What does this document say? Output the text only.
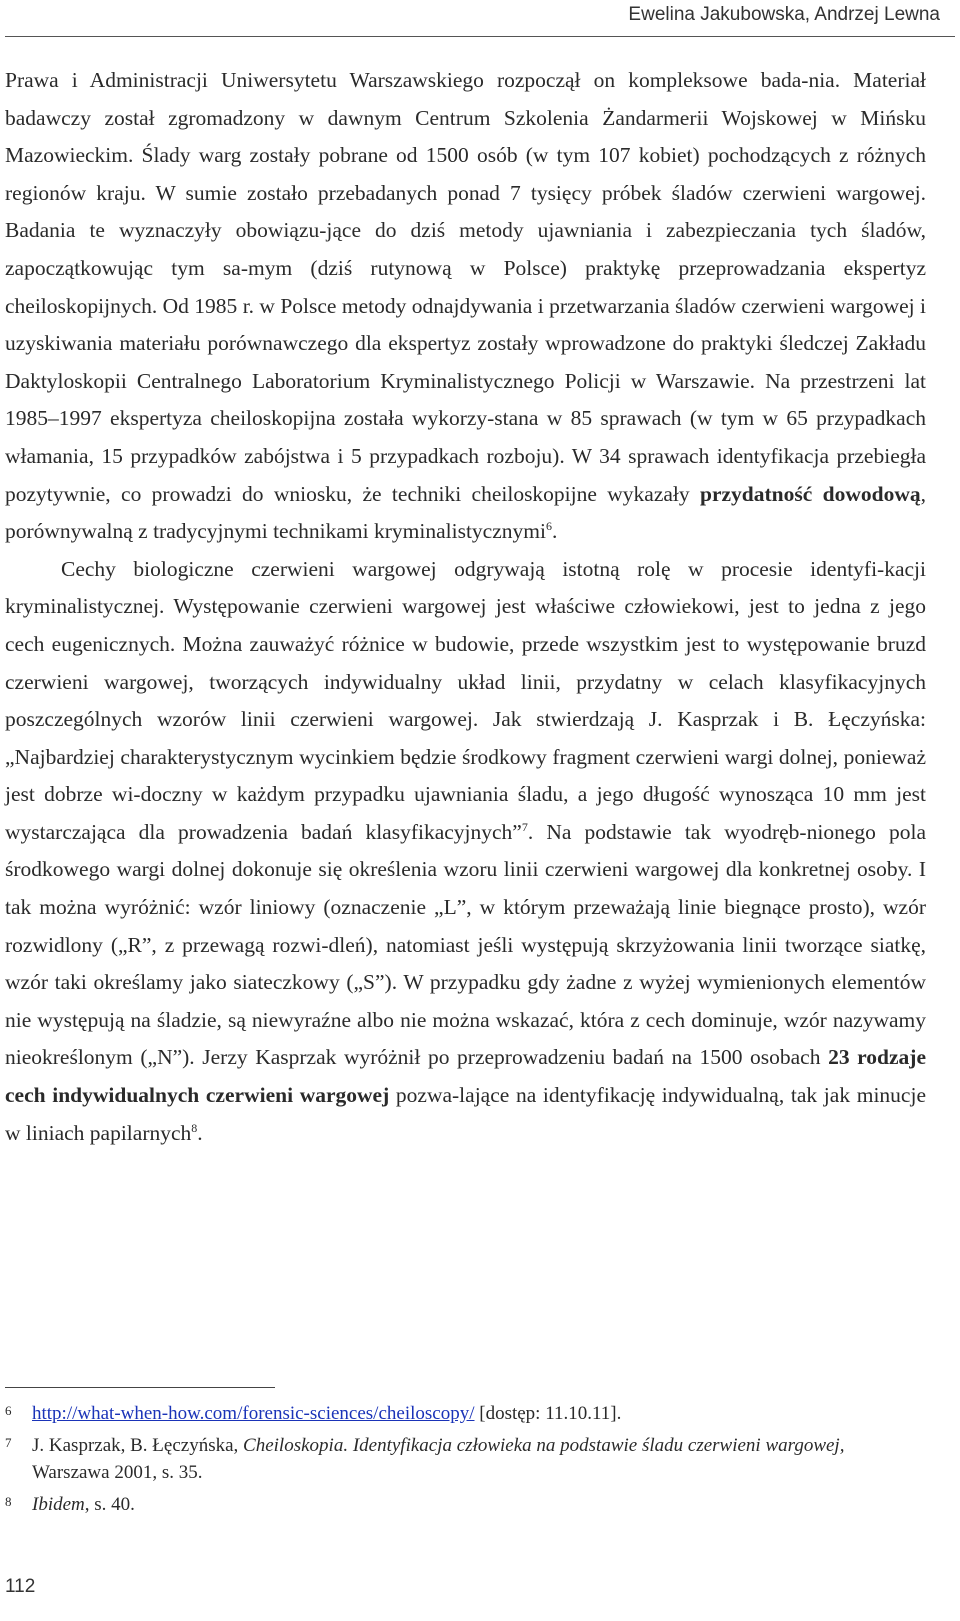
Ewelina Jakubowska, Andrzej Lewna

Prawa i Administracji Uniwersytetu Warszawskiego rozpoczął on kompleksowe bada-nia. Materiał badawczy został zgromadzony w dawnym Centrum Szkolenia Żandarmerii Wojskowej w Mińsku Mazowieckim. Ślady warg zostały pobrane od 1500 osób (w tym 107 kobiet) pochodzących z różnych regionów kraju. W sumie zostało przebadanych ponad 7 tysięcy próbek śladów czerwieni wargowej. Badania te wyznaczyły obowiązu-jące do dziś metody ujawniania i zabezpieczania tych śladów, zapoczątkowując tym sa-mym (dziś rutynową w Polsce) praktykę przeprowadzania ekspertyz cheiloskopijnych. Od 1985 r. w Polsce metody odnajdywania i przetwarzania śladów czerwieni wargowej i uzyskiwania materiału porównawczego dla ekspertyz zostały wprowadzone do praktyki śledczej Zakładu Daktyloskopii Centralnego Laboratorium Kryminalistycznego Policji w Warszawie. Na przestrzeni lat 1985–1997 ekspertyza cheiloskopijna została wykorzy-stana w 85 sprawach (w tym w 65 przypadkach włamania, 15 przypadków zabójstwa i 5 przypadkach rozboju). W 34 sprawach identyfikacja przebiegła pozytywnie, co prowadzi do wniosku, że techniki cheiloskopijne wykazały przydatność dowodową, porównywalną z tradycyjnymi technikami kryminalistycznymi$^6$.

Cechy biologiczne czerwieni wargowej odgrywają istotną rolę w procesie identyfi-kacji kryminalistycznej. Występowanie czerwieni wargowej jest właściwe człowiekowi, jest to jedna z jego cech eugenicznych. Można zauważyć różnice w budowie, przede wszystkim jest to występowanie bruzd czerwieni wargowej, tworzących indywidualny układ linii, przydatny w celach klasyfikacyjnych poszczególnych wzorów linii czerwieni wargowej. Jak stwierdzają J. Kasprzak i B. Łęczyńska: „Najbardziej charakterystycznym wycinkiem będzie środkowy fragment czerwieni wargi dolnej, ponieważ jest dobrze wi-doczny w każdym przypadku ujawniania śladu, a jego długość wynosząca 10 mm jest wystarczająca dla prowadzenia badań klasyfikacyjnych”$^7$. Na podstawie tak wyodręb-nionego pola środkowego wargi dolnej dokonuje się określenia wzoru linii czerwieni wargowej dla konkretnej osoby. I tak można wyróżnić: wzór liniowy (oznaczenie „L”, w którym przeważają linie biegnące prosto), wzór rozwidlony („R”, z przewagą rozwi-dleń), natomiast jeśli występują skrzyżowania linii tworzące siatkę, wzór taki określamy jako siateczkowy („S”). W przypadku gdy żadne z wyżej wymienionych elementów nie występują na śladzie, są niewyraźne albo nie można wskazać, która z cech dominuje, wzór nazywamy nieokreślonym („N”). Jerzy Kasprzak wyróżnił po przeprowadzeniu badań na 1500 osobach 23 rodzaje cech indywidualnych czerwieni wargowej pozwa-lające na identyfikację indywidualną, tak jak minucje w liniach papilarnych$^8$.

6 http://what-when-how.com/forensic-sciences/cheiloscopy/ [dostęp: 11.10.11].
7 J. Kasprzak, B. Łęczyńska, Cheiloskopia. Identyfikacja człowieka na podstawie śladu czerwieni wargowej, Warszawa 2001, s. 35.
8 Ibidem, s. 40.
112
